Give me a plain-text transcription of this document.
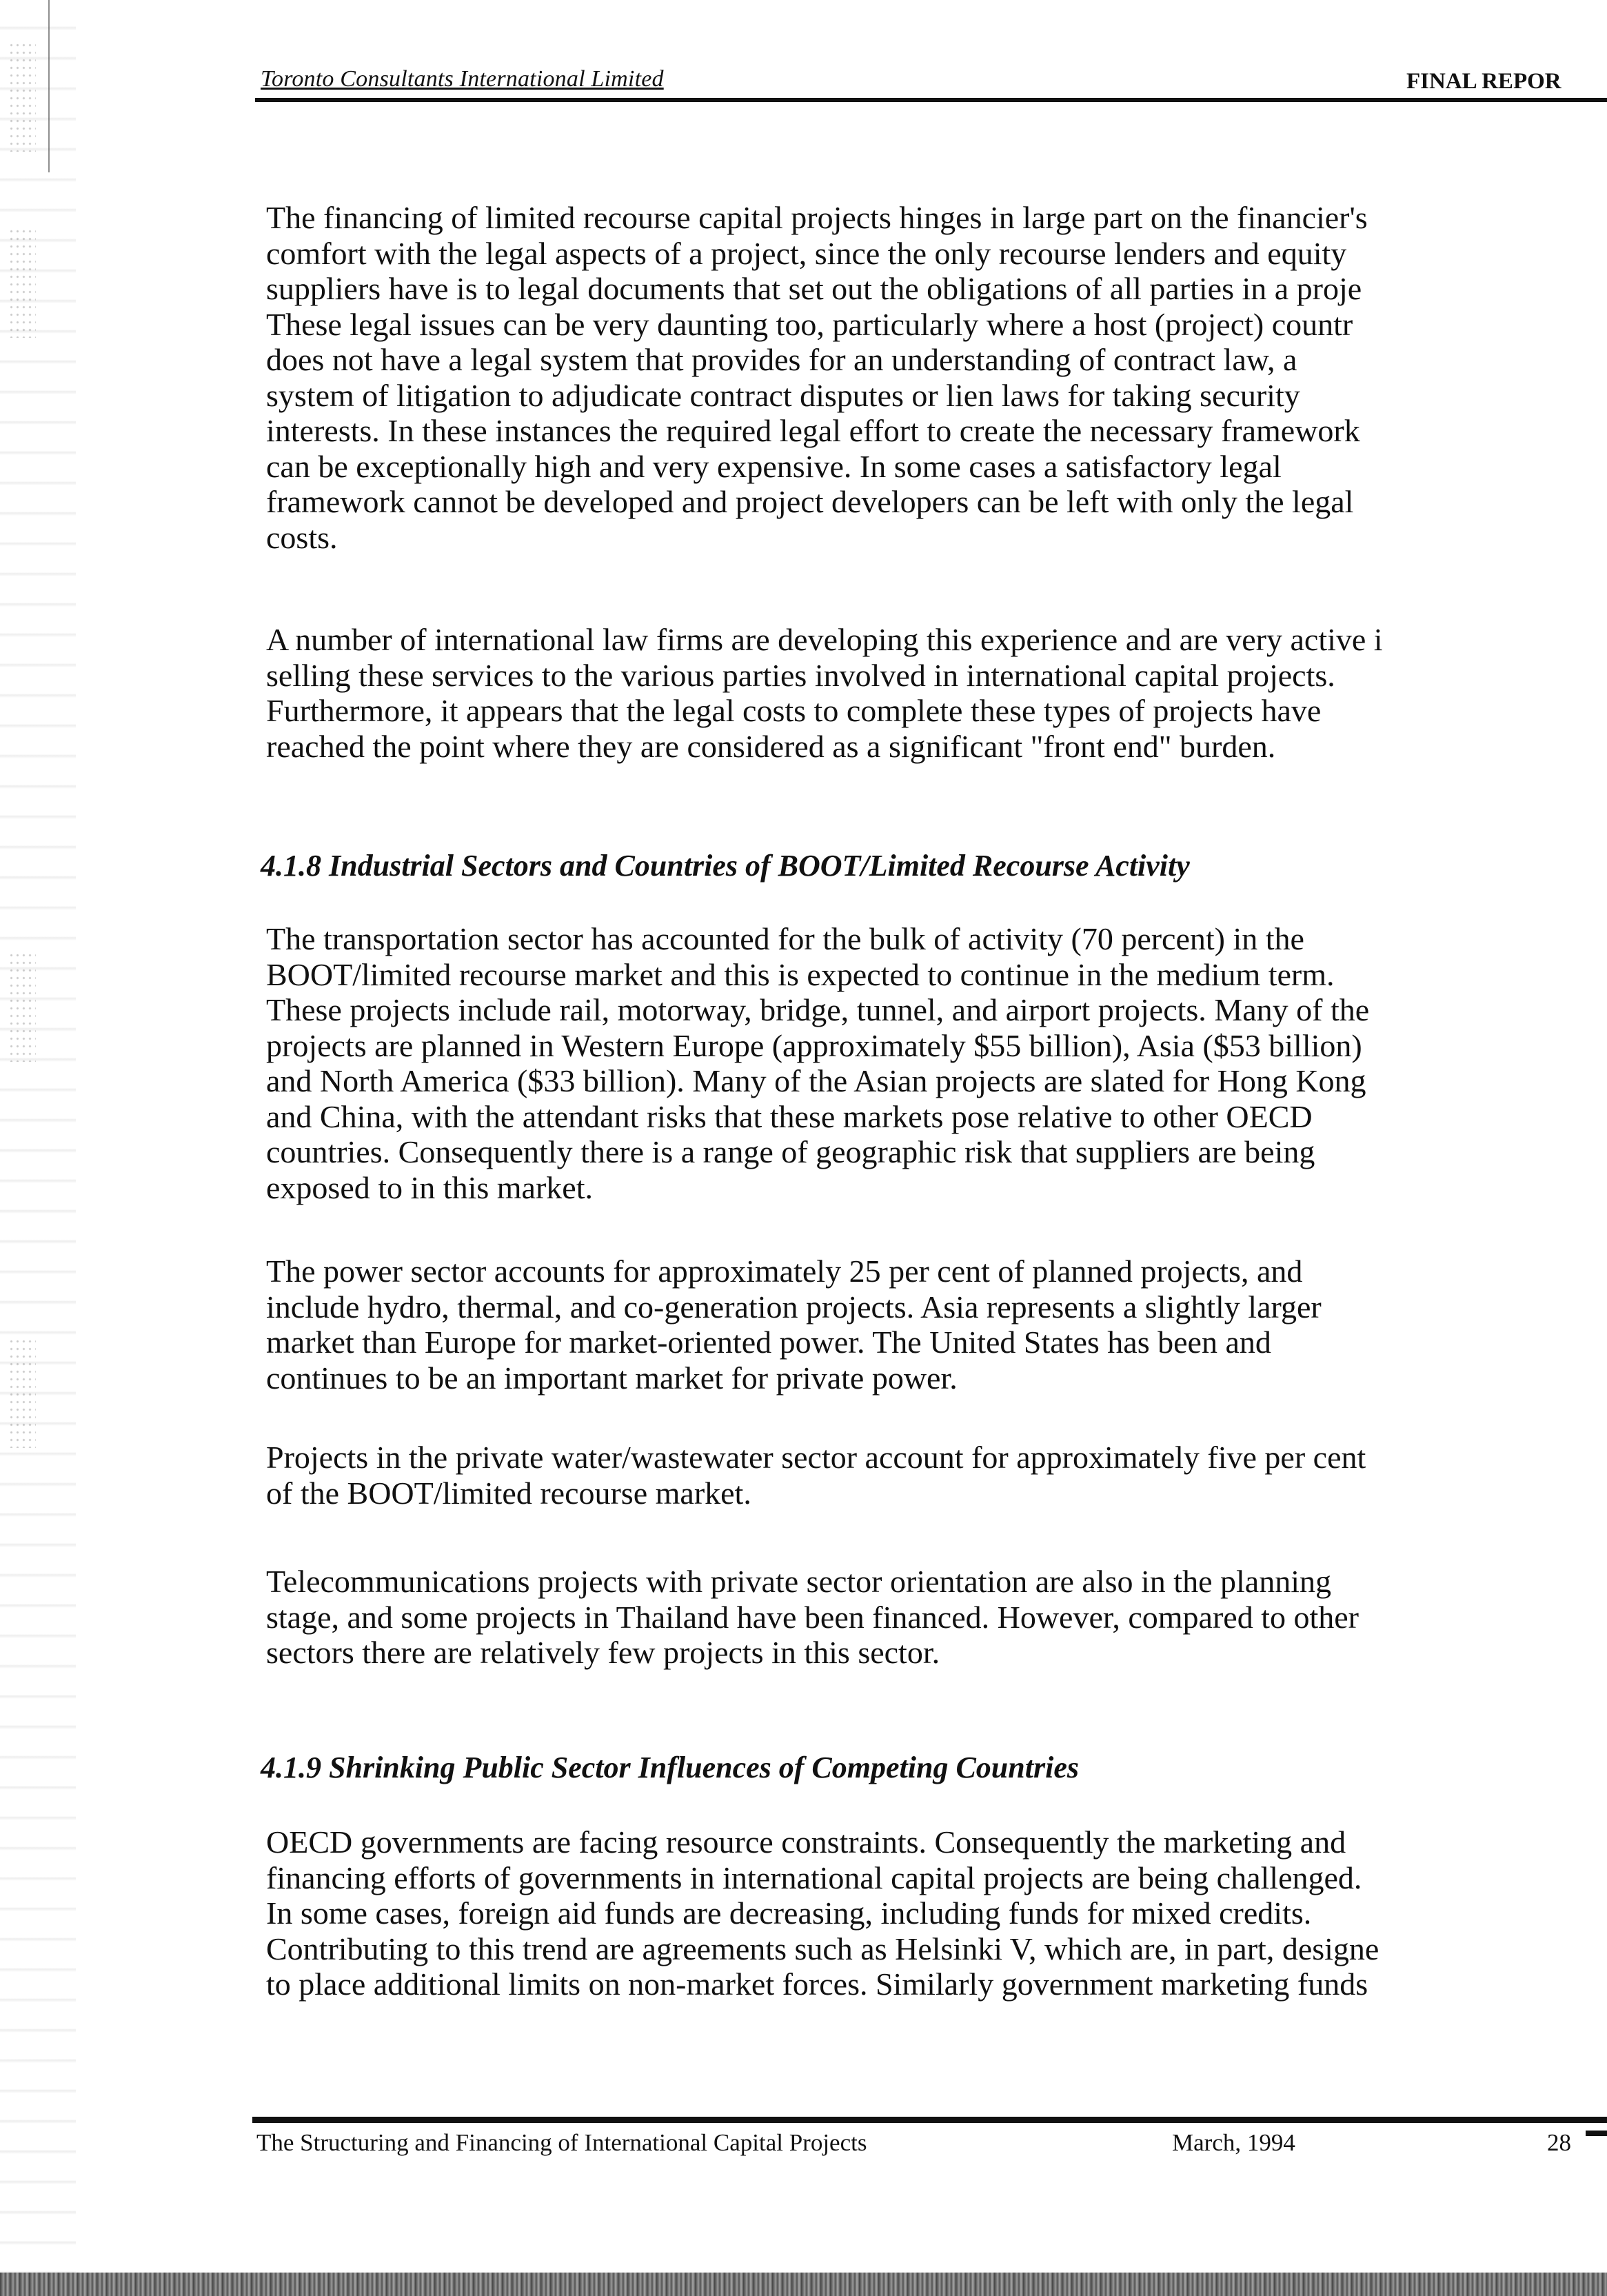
Toronto Consultants International Limited	FINAL REPOR
The financing of limited recourse capital projects hinges in large part on the financier's
comfort with the legal aspects of a project, since the only recourse lenders and equity
suppliers have is to legal documents that set out the obligations of all parties in a proje
These legal issues can be very daunting too, particularly where a host (project) countr
does not have a legal system that provides for an understanding of contract law, a
system of litigation to adjudicate contract disputes or lien laws for taking security
interests. In these instances the required legal effort to create the necessary framework
can be exceptionally high and very expensive. In some cases a satisfactory legal
framework cannot be developed and project developers can be left with only the legal
costs.
A number of international law firms are developing this experience and are very active i
selling these services to the various parties involved in international capital projects.
Furthermore, it appears that the legal costs to complete these types of projects have
reached the point where they are considered as a significant "front end" burden.
4.1.8 Industrial Sectors and Countries of BOOT/Limited Recourse Activity
The transportation sector has accounted for the bulk of activity (70 percent) in the
BOOT/limited recourse market and this is expected to continue in the medium term.
These projects include rail, motorway, bridge, tunnel, and airport projects. Many of the
projects are planned in Western Europe (approximately $55 billion), Asia ($53 billion)
and North America ($33 billion). Many of the Asian projects are slated for Hong Kong
and China, with the attendant risks that these markets pose relative to other OECD
countries. Consequently there is a range of geographic risk that suppliers are being
exposed to in this market.
The power sector accounts for approximately 25 per cent of planned projects, and
include hydro, thermal, and co-generation projects. Asia represents a slightly larger
market than Europe for market-oriented power. The United States has been and
continues to be an important market for private power.
Projects in the private water/wastewater sector account for approximately five per cent
of the BOOT/limited recourse market.
Telecommunications projects with private sector orientation are also in the planning
stage, and some projects in Thailand have been financed. However, compared to other
sectors there are relatively few projects in this sector.
4.1.9 Shrinking Public Sector Influences of Competing Countries
OECD governments are facing resource constraints. Consequently the marketing and
financing efforts of governments in international capital projects are being challenged.
In some cases, foreign aid funds are decreasing, including funds for mixed credits.
Contributing to this trend are agreements such as Helsinki V, which are, in part, designe
to place additional limits on non-market forces. Similarly government marketing funds
The Structuring and Financing of International Capital Projects	March, 1994	28
